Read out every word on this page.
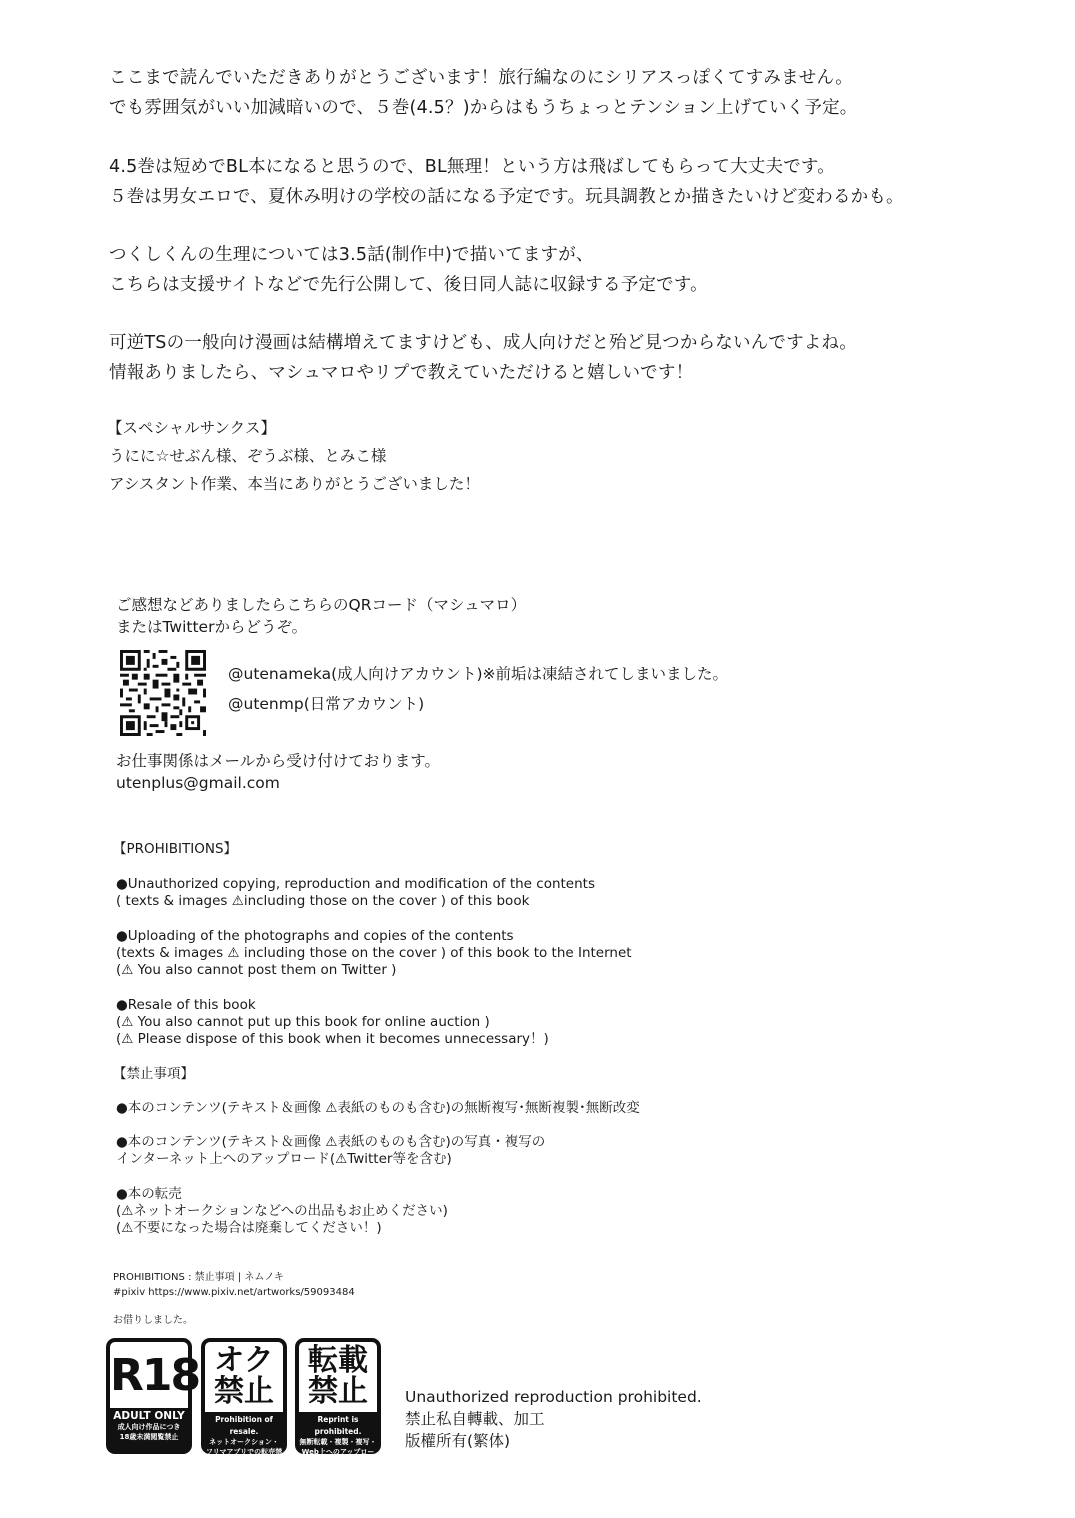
ここまで読んでいただきありがとうございます！旅行編なのにシリアスっぽくてすみません。
でも雰囲気がいい加減暗いので、５巻(4.5？)からはもうちょっとテンション上げていく予定。
4.5巻は短めでBL本になると思うので、BL無理！という方は飛ばしてもらって大丈夫です。
５巻は男女エロで、夏休み明けの学校の話になる予定です。玩具調教とか描きたいけど変わるかも。
つくしくんの生理については3.5話(制作中)で描いてますが、
こちらは支援サイトなどで先行公開して、後日同人誌に収録する予定です。
可逆TSの一般向け漫画は結構増えてますけども、成人向けだと殆ど見つからないんですよね。
情報ありましたら、マシュマロやリプで教えていただけると嬉しいです！
【スペシャルサンクス】
うにに☆せぶん様、ぞうぶ様、とみこ様
アシスタント作業、本当にありがとうございました！
ご感想などありましたらこちらのQRコード（マシュマロ）
またはTwitterからどうぞ。
@utenameka(成人向けアカウント)※前垢は凍結されてしまいました。
@utenmp(日常アカウント)
お仕事関係はメールから受け付けております。
utenplus@gmail.com
【PROHIBITIONS】
●Unauthorized copying, reproduction and modification of the contents
( texts & images ⚠including those on the cover ) of this book
●Uploading of the photographs and copies of the contents
(texts & images ⚠ including those on the cover ) of this book to the Internet
(⚠ You also cannot post them on Twitter )
●Resale of this book
(⚠ You also cannot put up this book for online auction )
(⚠ Please dispose of this book when it becomes unnecessary！)
【禁止事項】
●本のコンテンツ(テキスト＆画像 ⚠表紙のものも含む)の無断複写･無断複製･無断改変
●本のコンテンツ(テキスト＆画像 ⚠表紙のものも含む)の写真・複写の
インターネット上へのアップロード(⚠Twitter等を含む)
●本の転売
(⚠ネットオークションなどへの出品もお止めください)
(⚠不要になった場合は廃棄してください！)
PROHIBITIONS : 禁止事項 | ネムノキ
#pixiv https://www.pixiv.net/artworks/59093484
お借りしました。
R18
ADULT ONLY
成人向け作品につき
18歳未満閲覧禁止
オク
禁止
Prohibition of resale.
ネットオークション・
フリマアプリでの転売禁止
転載
禁止
Reprint is prohibited.
無断転載・複製・複写・
Web上へのアップロード禁止
Unauthorized reproduction prohibited.
禁止私自轉載、加工
版權所有(繁体)
